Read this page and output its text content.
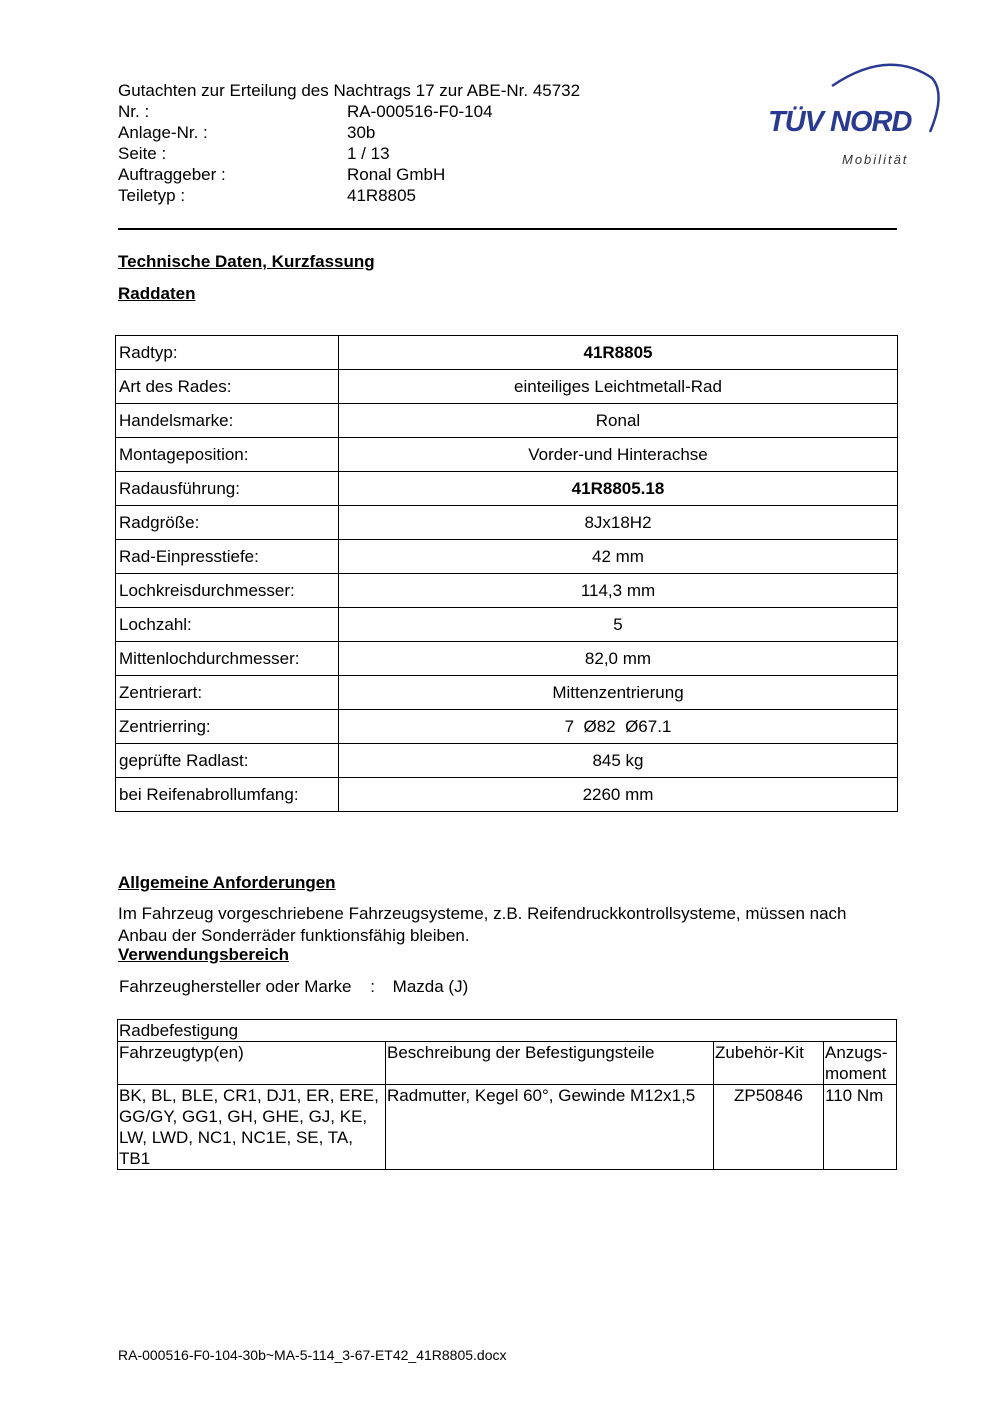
Gutachten zur Erteilung des Nachtrags 17 zur ABE-Nr. 45732
Nr. :	RA-000516-F0-104
Anlage-Nr. :	30b
Seite :	1 / 13
Auftraggeber :	Ronal GmbH
Teiletyp :	41R8805
TÜV NORD
Mobilität
Technische Daten, Kurzfassung
Raddaten
Radtyp:	41R8805
Art des Rades:	einteiliges Leichtmetall-Rad
Handelsmarke:	Ronal
Montageposition:	Vorder-und Hinterachse
Radausführung:	41R8805.18
Radgröße:	8Jx18H2
Rad-Einpresstiefe:	42 mm
Lochkreisdurchmesser:	114,3 mm
Lochzahl:	5
Mittenlochdurchmesser:	82,0 mm
Zentrierart:	Mittenzentrierung
Zentrierring:	7  Ø82  Ø67.1
geprüfte Radlast:	845 kg
bei Reifenabrollumfang:	2260 mm
Allgemeine Anforderungen
Im Fahrzeug vorgeschriebene Fahrzeugsysteme, z.B. Reifendruckkontrollsysteme, müssen nach Anbau der Sonderräder funktionsfähig bleiben.
Verwendungsbereich
Fahrzeughersteller oder Marke : Mazda (J)
Radbefestigung			
Fahrzeugtyp(en)	Beschreibung der Befestigungsteile	Zubehör-Kit	Anzugs-
moment
BK, BL, BLE, CR1, DJ1, ER, ERE, GG/GY, GG1, GH, GHE, GJ, KE, LW, LWD, NC1, NC1E, SE, TA, TB1	Radmutter, Kegel 60°, Gewinde M12x1,5	ZP50846	110 Nm
RA-000516-F0-104-30b~MA-5-114_3-67-ET42_41R8805.docx
